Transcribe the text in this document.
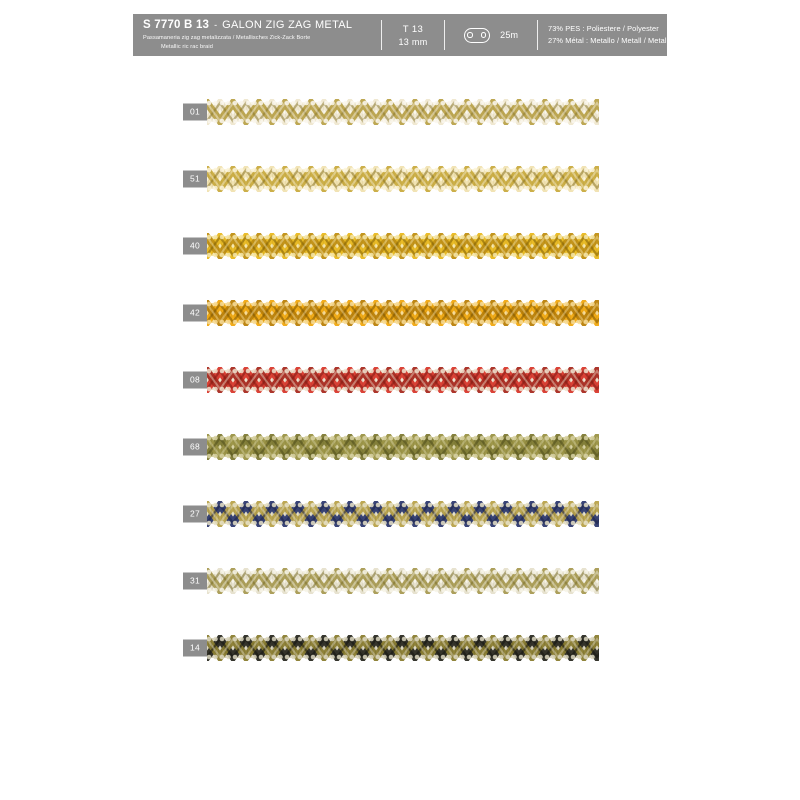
S 7770 B 13 - GALON ZIG ZAG METAL
Passamaneria zig zag metalizzata / Metallisches Zick-Zack Borte
Metallic ric rac braid
T 13
13 mm
25m
73% PES : Poliestere / Polyester
27% Métal : Metallo / Metall / Metal
01
51
40
42
08
68
27
31
14
